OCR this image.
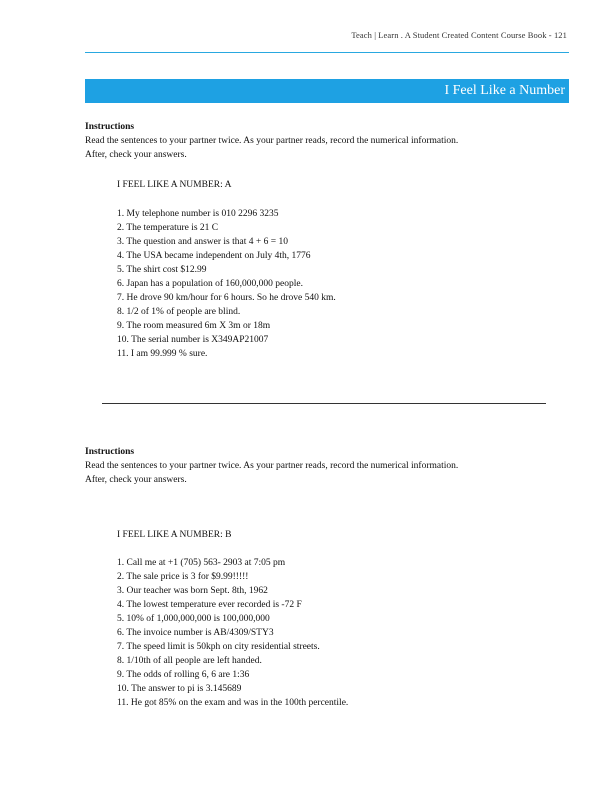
Teach | Learn . A Student Created Content Course Book - 121
I Feel Like a Number
Instructions
Read the sentences to your partner twice. As your partner reads, record the numerical information.
After, check your answers.
I FEEL LIKE A NUMBER: A
1. My telephone number is 010 2296 3235
2. The temperature is 21 C
3. The question and answer is that 4 + 6 = 10
4. The USA became independent on July 4th, 1776
5. The shirt cost $12.99
6. Japan has a population of 160,000,000 people.
7. He drove 90 km/hour for 6 hours. So he drove 540 km.
8. 1/2 of 1% of people are blind.
9. The room measured 6m X 3m or 18m
10. The serial number is X349AP21007
11. I am 99.999 % sure.
Instructions
Read the sentences to your partner twice. As your partner reads, record the numerical information.
After, check your answers.
I FEEL LIKE A NUMBER: B
1. Call me at +1 (705) 563- 2903 at 7:05 pm
2. The sale price is 3 for $9.99!!!!!
3. Our teacher was born Sept. 8th, 1962
4. The lowest temperature ever recorded is -72 F
5. 10% of 1,000,000,000 is 100,000,000
6. The invoice number is AB/4309/STY3
7. The speed limit is 50kph on city residential streets.
8. 1/10th of all people are left handed.
9. The odds of rolling 6, 6 are 1:36
10. The answer to pi is 3.145689
11. He got 85% on the exam and was in the 100th percentile.
